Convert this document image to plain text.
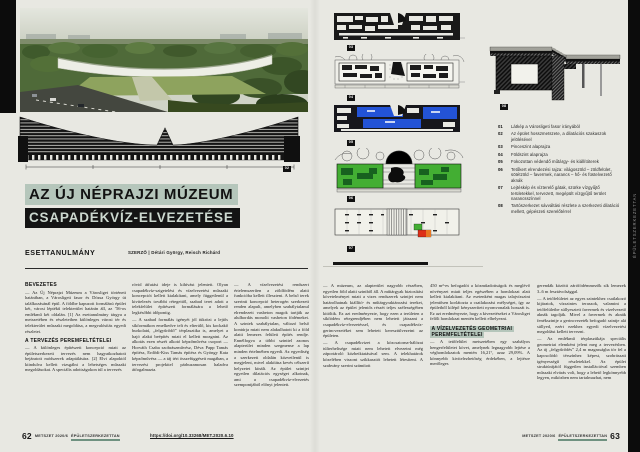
ÉPÜLETSZERKEZETTAN
02
AZ ÚJ NÉPRAJZI MÚZEUM
CSAPADÉKVÍZ-ELVEZETÉSE
ESETTANULMÁNY	SZERZŐ | Détári György, Reisch Richárd
BEVEZETÉS

— Az Új Néprajzi Múzeum a Városliget történeti határában, a Városligeti fasor és Dózsa György út találkozásánál épül. A földbe kapuzott formálású épület két, városi léptékű telekterület határán áll, az ’56-os emlékmű két oldalán. [1] Az esettanulmány tárgya a metszetében és részleteiben különleges városi tér és telekterület műszaki megoldása, a megvalósítás egyedi részletei.

A TERVEZÉS PEREMFELTÉTELEI

— A különleges építészeti koncepció miatt az épületszerkezeti tervezés nem hagyatkozhatott bejáratott módszerek adaptálására. [2] Elvi alapoktól kiindulva kellett vizsgálni a lehetséges műszaki megoldásokat. A speciális adottságokon túl a tervezés

rövid átfutási ideje is kihívást jelentett. Olyan csapadékvíz-szigetelési és vízelvezetési műszaki koncepciót kellett kialakítani, amely függetlenül a kivitelezés további rétegeitől, szabad teret adott a telekfelület építészeti formálására a lehető legkésőbbi időpontig.

— A szabad formálás igényét jól tükrözi a lejtős síkformákon emelkedve telt és elterülő, kis kockakő burkolatú, „felgyűrődő” térplasztika is, amelyet a hajó alakú beépítés miatt el kellett mozgatni. Az alkotás ezen részét alkotó képzőművész csoport — Horváth Csaba szobrászművész, Déva Papp Tamás építész, Erdődi-Kiss Tamás építész és Gyöngy Kata képzőművész — a táj téri összefüggéseit magában, a tervezési projekttel párhuzamosan haladva átfogalmazta.

— A vízelvezetési rendszert értelemszerűen a zöldfödém alatti funkcióba kellett illeszteni. A belső terek szerinti koncepció heterogén szerkezeti renden alapult, amelyben szabálytalanul elrendezett vasbeton magok tartják az alulbordás monolit vasbeton födémeket. A szintek szabálytalan, változó belső kontúrja miatt nem alakulhatott ki a föld alatti lemezes felületi építés rendje. Ennélfogva a többi szinttel azonos alapterület minden szegmense a lap minden értelmében egyedi. Az egyediség a szerkezeti oldalán közvetlenül is megjelent, mivel alakítása kevés célszerű helyzetet kínált. Az épület szintjei egyetlen dilatációs egységet alkotnak, ami a csapadékvíz-elvezetés szempontjából előnyt jelentett.

03
04
05
06
07
08
01	Látkép a Városligeti fasor irányából
02	Az épület hosszmetszete, a dilatációs szakaszok jelölésével
03	Pinceszint alaprajza
04	Földszint alaprajza
05	Fokozottan védendő műtárgy- és kiállítóterek
06	Tetőkert elrendezési rajza: világoszöld – zöldfelület, sötétzöld – favermek, narancs – hő- és füstelvezető aknák
07	Lejtéskép és vízterelő gátak, szürke vízgyűjtő területekkel, tervezett, megépült vízgyűjtő terület narancsszínnel
08	Tartószerkezet sávváltási részlete a szerkezeti dilatáció mellett, gépészeti szerelőtérrel

— A múzeum, az alapterület nagyobb részében, egyetlen föld alatti szintből áll. A műtárgyak biztosítási követelményei miatt a vizes rendszerek szintjei nem határolhatnak kiállító- és műtárgyraktározási tereket, amelyek az épület jelentős részét teljes szélességében kitöltik. Ez azt eredményezte, hogy ezen a területen a síkfödém rétegrendjében nem lehetett játszani a csapadékvíz-elvezetéssel, és csapadékvíz-gerincvezetéket sem lehetett keresztülvezetni az épületen.

— A csapadékvizet a közcsatorna-hálózat túlterheltsége miatt nem lehetett elvezetni még záportároló közbeiktatásával sem. A telekhatárok közelében viszont szikkasztót lehetett létesíteni. A szabvány szerint számított

450 m²-es befogadót a közműadottságok és meglévő növényzet miatt teljes egészében a homlokzat alatt kellett kialakítani. Az esetenként magas talajvízszint jelentősen korlátozta a csatlakozási mélységet, így az épületből kilépő kényszerített nyomvonalak hosszát is. Ez azt eredményezte, hogy a kivezetéseket a Városliget felőli homlokzat mentén kellett elhelyezni.

A VÍZELVEZETÉS GEOMETRIAI PEREMFELTÉTELEI

— A tetőfelület metszetében egy szabályos hengerfelületet követ, amelynek legnagyobb lejtése a véghomlokzatok mentén 16,21°, azaz 29,09%. A könnyebb kivitelezhetőség érdekében, a lejtésre merőleges

gerendák közötti zárófödémmezők sík lemezek 3–6 m fesztávolsággal.

— A tetőfelületet az egyes szintekhez csatlakozó kijáratok, vízszintes teraszok, valamint a tetőfelületbe süllyesztett favermek és vízelvezető aknák tagolják. Mivel a favermek és aknák fenékszintje a gerincvezeték befogadó szintje alá süllyed, ezért ezekhez egyedi vízelvezetési megoldást kellett tervezni.

— Az emlékmű térplasztikája speciális geometriai elemként jelent meg a tervezésben. Az új „felgyűrődés” 2,4 m magasságba tör fel a kapcsolódó térszínhez képest, szobrászati igényességű részletekkel. Az épület struktúrájától független installációval szemben műszaki elvárás volt, hogy a lehető legkönnyebb legyen, miközben nem tartalmazhat, nem

62 METSZET 2020/6 ÉPÜLETSZERKEZETTAN	https://doi.org/10.33268/MET.2020.6.10	METSZET 2020/6 ÉPÜLETSZERKEZETTAN 63
